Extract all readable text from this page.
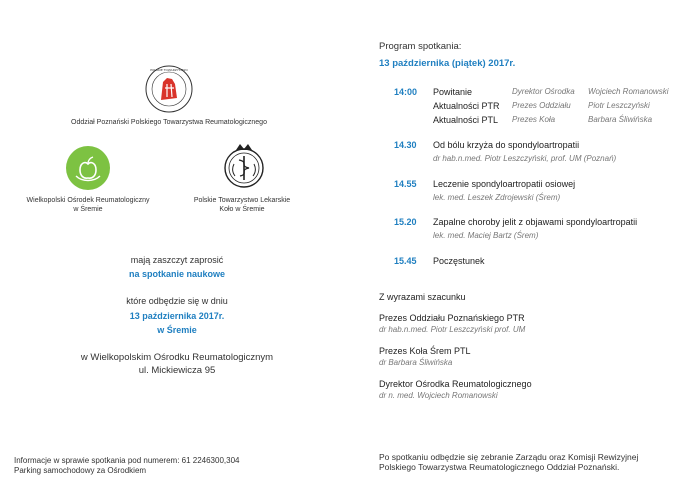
POLSKIE TOWARZYSTWO
Oddział Poznański Polskiego Towarzystwa Reumatologicznego
Wielkopolski Ośrodek Reumatologiczny
w Śremie
Polskie Towarzystwo Lekarskie
Koło w Śremie
mają zaszczyt zaprosić
na spotkanie naukowe
które odbędzie się w dniu
13 października 2017r.
w Śremie
w Wielkopolskim Ośrodku Reumatologicznym
ul. Mickiewicza 95
Informacje w sprawie spotkania pod numerem: 61 2246300,304
Parking samochodowy za Ośrodkiem
Program spotkania:
13 października (piątek) 2017r.
14:00 Powitanie	Dyrektor Ośrodka Wojciech Romanowski
Aktualności PTR Prezes Oddziału Piotr Leszczyński
Aktualności PTL Prezes Koła	Barbara Śliwińska
14.30 Od bólu krzyża do spondyloartropatii
dr hab.n.med. Piotr Leszczyński, prof. UM (Poznań)
14.55 Leczenie spondyloartropatii osiowej
lek. med. Leszek Zdrojewski (Śrem)
15.20 Zapalne choroby jelit z objawami spondyloartropatii
lek. med. Maciej Bartz (Śrem)
15.45 Poczęstunek
Z wyrazami szacunku
Prezes Oddziału Poznańskiego PTR
dr hab.n.med. Piotr Leszczyński prof. UM
Prezes Koła Śrem PTL
dr Barbara Śliwińska
Dyrektor Ośrodka Reumatologicznego
dr n. med. Wojciech Romanowski
Po spotkaniu odbędzie się zebranie Zarządu oraz Komisji Rewizyjnej
Polskiego Towarzystwa Reumatologicznego Oddział Poznański.
